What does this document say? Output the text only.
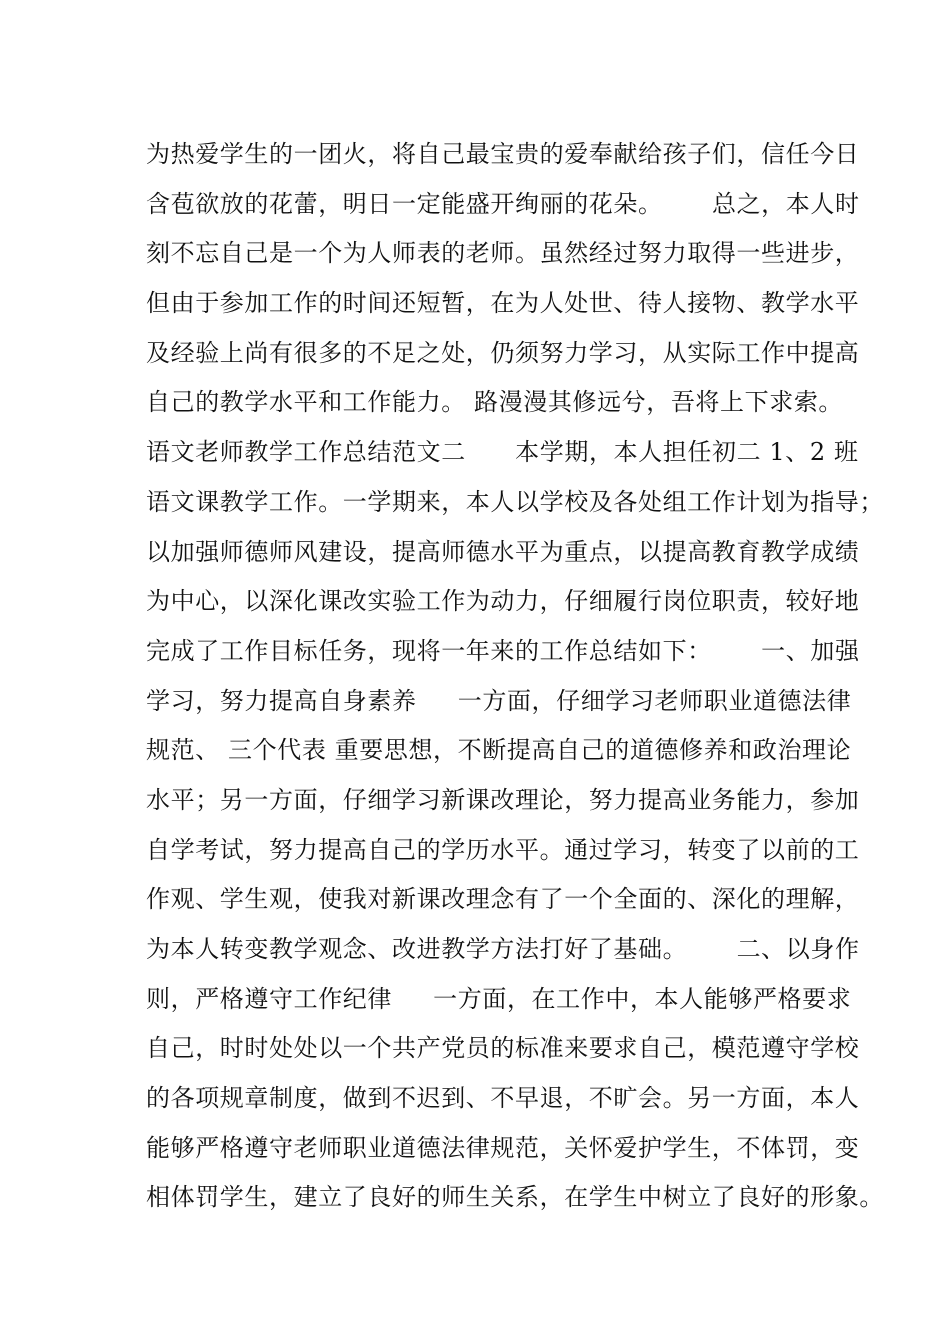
为热爱学生的一团火，将自己最宝贵的爱奉献给孩子们，信任今日
含苞欲放的花蕾，明日一定能盛开绚丽的花朵。      总之，本人时
刻不忘自己是一个为人师表的老师。虽然经过努力取得一些进步，
但由于参加工作的时间还短暂，在为人处世、待人接物、教学水平
及经验上尚有很多的不足之处，仍须努力学习，从实际工作中提高
自己的教学水平和工作能力。 路漫漫其修远兮，吾将上下求索。
语文老师教学工作总结范文二      本学期，本人担任初二 1、2 班
语文课教学工作。一学期来，本人以学校及各处组工作计划为指导；
以加强师德师风建设，提高师德水平为重点，以提高教育教学成绩
为中心，以深化课改实验工作为动力，仔细履行岗位职责，较好地
完成了工作目标任务，现将一年来的工作总结如下：      一、加强
学习，努力提高自身素养     一方面，仔细学习老师职业道德法律
规范、 三个代表 重要思想，不断提高自己的道德修养和政治理论
水平；另一方面，仔细学习新课改理论，努力提高业务能力，参加
自学考试，努力提高自己的学历水平。通过学习，转变了以前的工
作观、学生观，使我对新课改理念有了一个全面的、深化的理解，
为本人转变教学观念、改进教学方法打好了基础。      二、以身作
则，严格遵守工作纪律     一方面，在工作中，本人能够严格要求
自己，时时处处以一个共产党员的标准来要求自己，模范遵守学校
的各项规章制度，做到不迟到、不早退，不旷会。另一方面，本人
能够严格遵守老师职业道德法律规范，关怀爱护学生，不体罚，变
相体罚学生，建立了良好的师生关系，在学生中树立了良好的形象。
